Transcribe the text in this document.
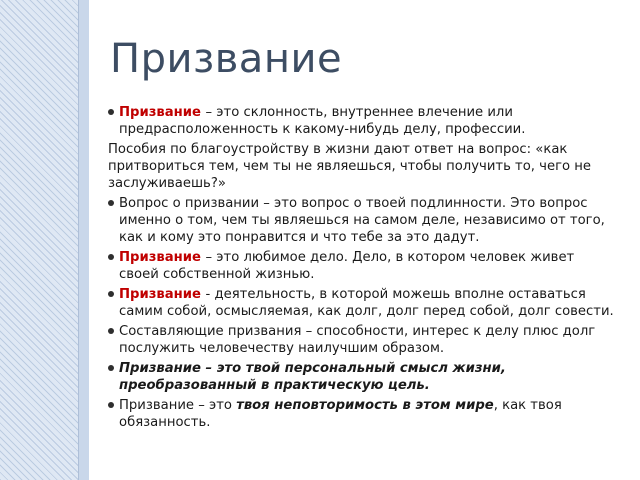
Призвание

Призвание – это склонность, внутреннее влечение или предрасположенность к какому-нибудь делу, профессии.

Пособия по благоустройству в жизни дают ответ на вопрос: «как притвориться тем, чем ты не являешься, чтобы получить то, чего не заслуживаешь?»

Вопрос о призвании – это вопрос о твоей подлинности. Это вопрос именно о том, чем ты являешься на самом деле, независимо от того, как и кому это понравится и что тебе за это дадут.

Призвание – это любимое дело. Дело, в котором человек живет своей собственной жизнью.

Призвание - деятельность, в которой можешь вполне оставаться самим собой, осмысляемая, как долг, долг перед собой, долг совести.

Составляющие призвания – способности, интерес к делу плюс долг послужить человечеству наилучшим образом.

Призвание – это твой персональный смысл жизни, преобразованный в практическую цель.

Призвание – это твоя неповторимость в этом мире, как твоя обязанность.
